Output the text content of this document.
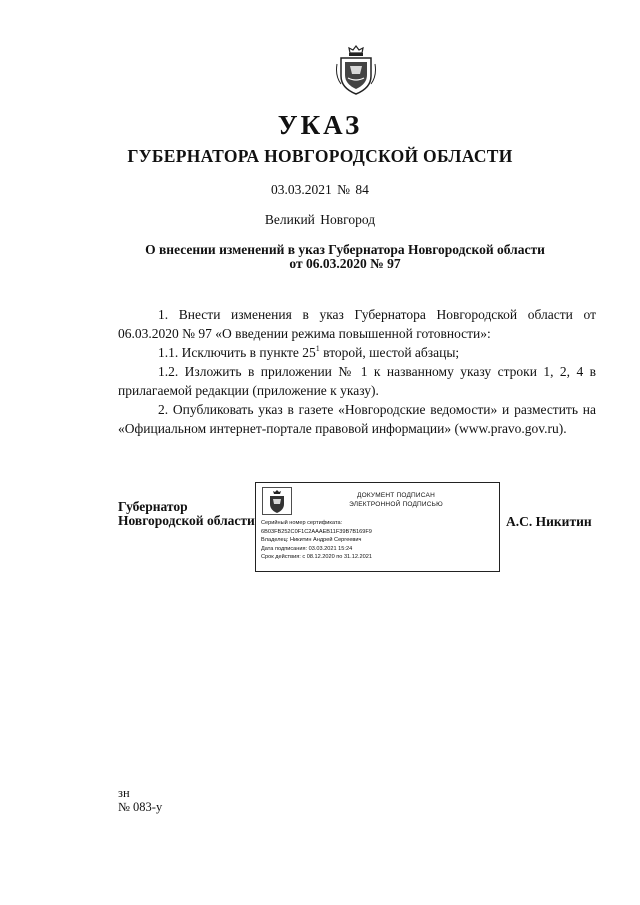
УКАЗ
ГУБЕРНАТОРА НОВГОРОДСКОЙ ОБЛАСТИ
03.03.2021 № 84
Великий Новгород
О внесении изменений в указ Губернатора Новгородской области
от 06.03.2020 № 97

1. Внести изменения в указ Губернатора Новгородской области от 06.03.2020 № 97 «О введении режима повышенной готовности»:

1.1. Исключить в пункте $25^1$ второй, шестой абзацы;

1.2. Изложить в приложении № 1 к названному указу строки 1, 2, 4 в прилагаемой редакции (приложение к указу).

2. Опубликовать указ в газете «Новгородские ведомости» и разместить на «Официальном интернет-портале правовой информации» (www.pravo.gov.ru).

Губернатор
Новгородской области
ДОКУМЕНТ ПОДПИСАН
ЭЛЕКТРОННОЙ ПОДПИСЬЮ
Серийный номер сертификата:
6B03FB252C0F1C2AAAEB11F39B7B169F9
Владелец: Никитин Андрей Сергеевич
Дата подписания: 03.03.2021 15:24
Срок действия: с 08.12.2020 по 31.12.2021
А.С. Никитин
зн
№ 083-у
